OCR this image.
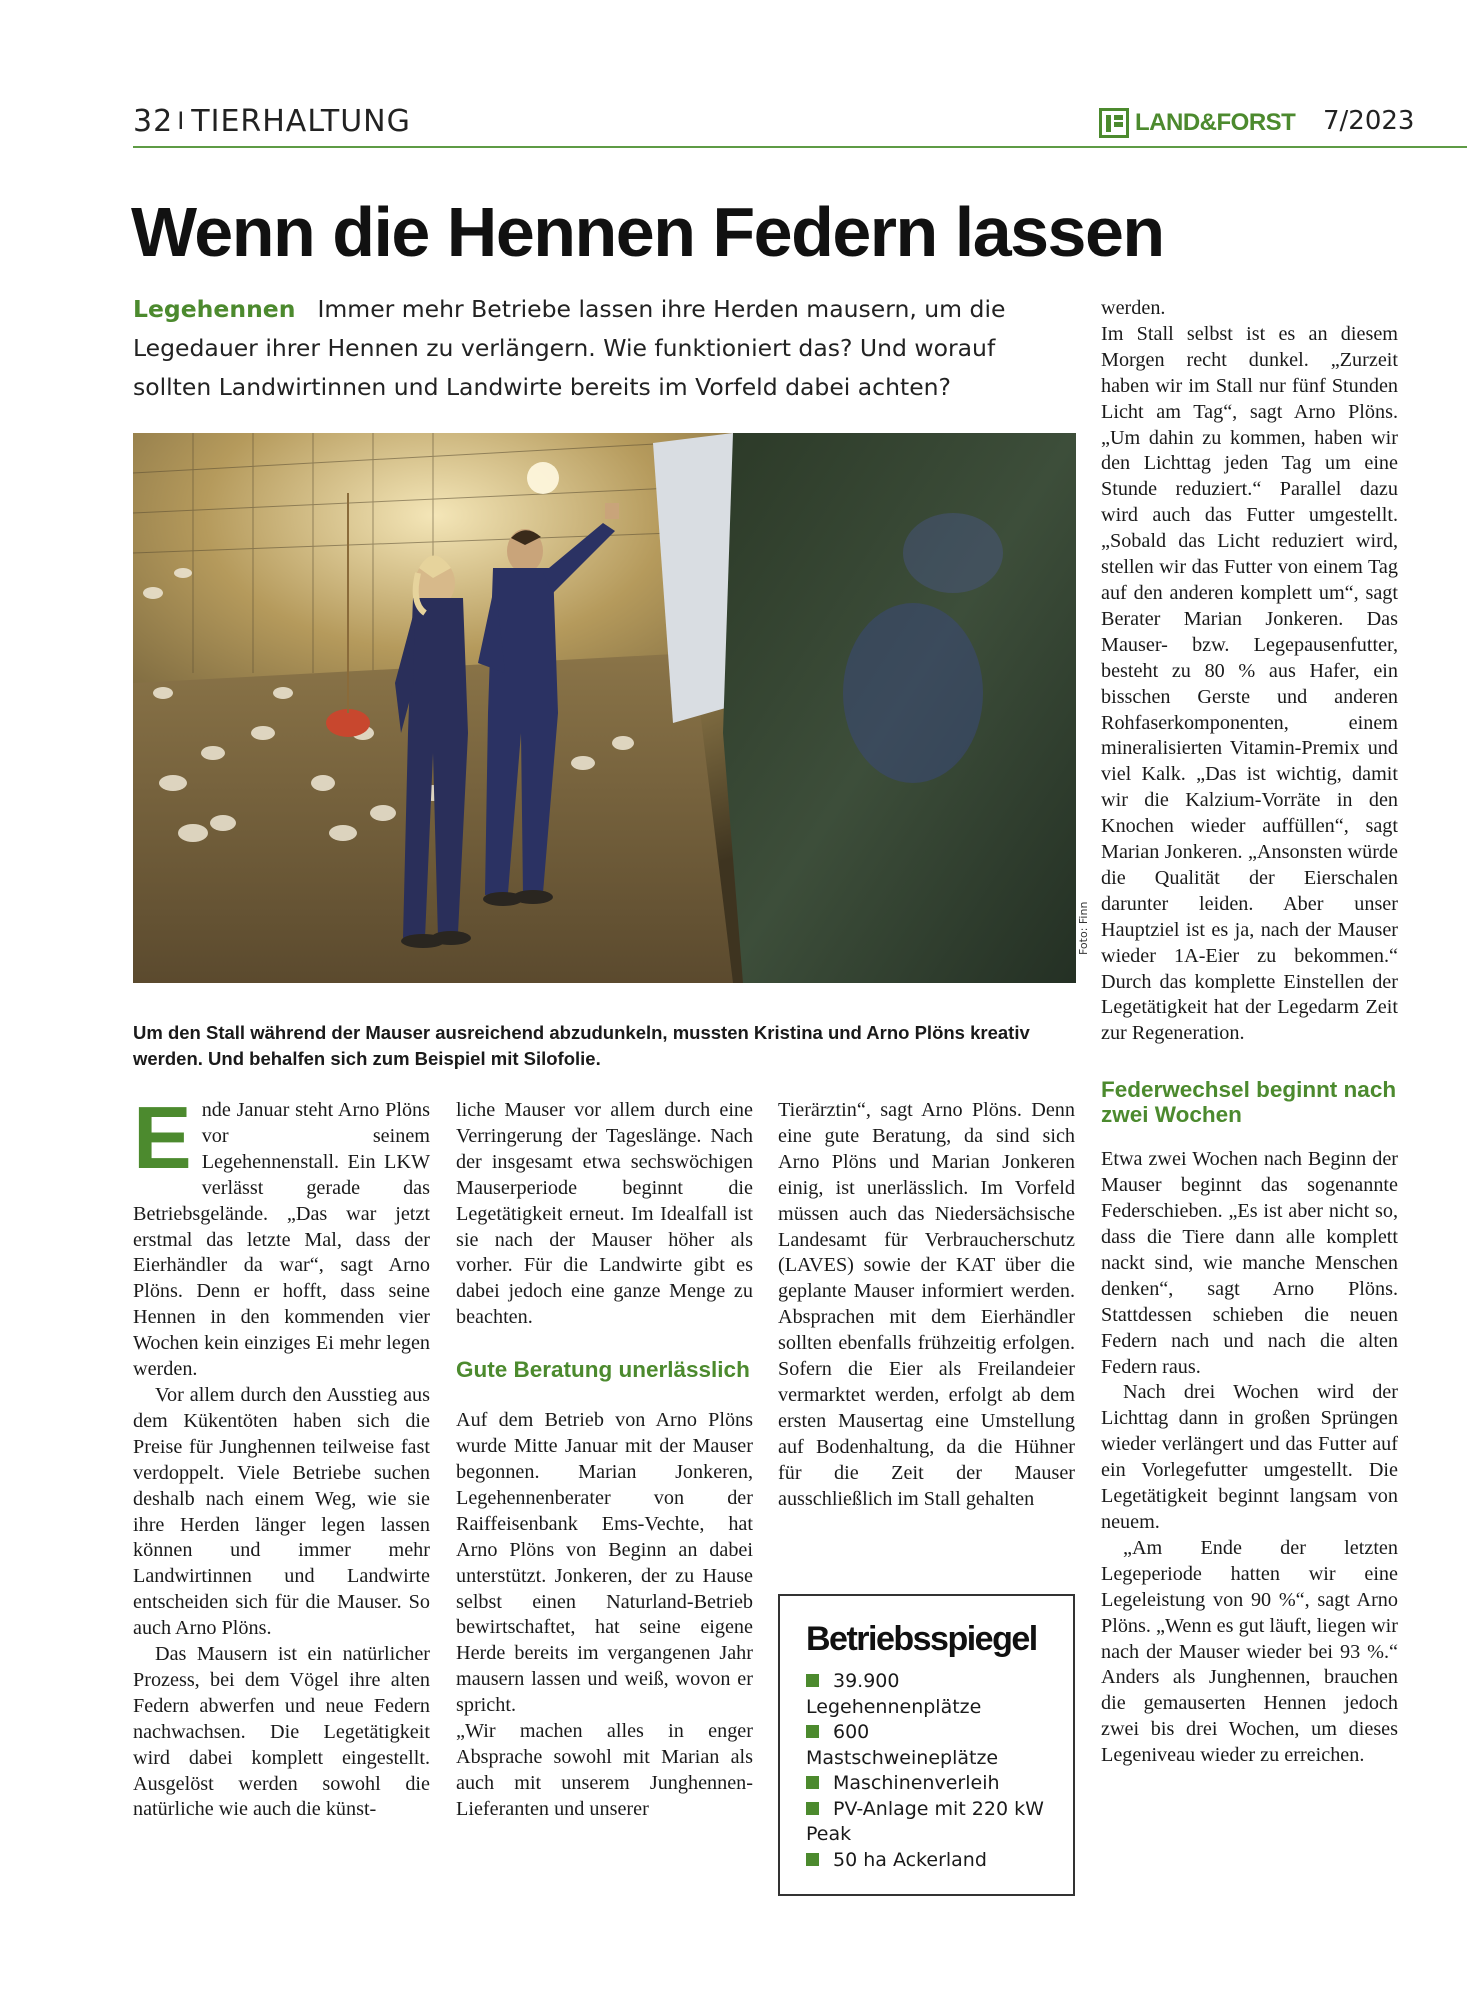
32 I TIERHALTUNG	LAND&FORST 7/2023
Wenn die Hennen Federn lassen
Legehennen Immer mehr Betriebe lassen ihre Herden mausern, um die Legedauer ihrer Hennen zu verlängern. Wie funktioniert das? Und worauf sollten Landwirtinnen und Landwirte bereits im Vorfeld dabei achten?
Foto: Finn
Um den Stall während der Mauser ausreichend abzudunkeln, mussten Kristina und Arno Plöns kreativ werden. Und behalfen sich zum Beispiel mit Silofolie.

Ende Januar steht Arno Plöns vor seinem Legehennenstall. Ein LKW verlässt gerade das Betriebsgelände. „Das war jetzt erstmal das letzte Mal, dass der Eierhändler da war“, sagt Arno Plöns. Denn er hofft, dass seine Hennen in den kommenden vier Wochen kein einziges Ei mehr legen werden.

Vor allem durch den Ausstieg aus dem Kükentöten haben sich die Preise für Junghennen teilweise fast verdoppelt. Viele Betriebe suchen deshalb nach einem Weg, wie sie ihre Herden länger legen lassen können und immer mehr Landwirtinnen und Landwirte entscheiden sich für die Mauser. So auch Arno Plöns.

Das Mausern ist ein natürlicher Prozess, bei dem Vögel ihre alten Federn abwerfen und neue Federn nachwachsen. Die Legetätigkeit wird dabei komplett eingestellt. Ausgelöst werden sowohl die natürliche wie auch die künst-

liche Mauser vor allem durch eine Verringerung der Tageslänge. Nach der insgesamt etwa sechswöchigen Mauserperiode beginnt die Legetätigkeit erneut. Im Idealfall ist sie nach der Mauser höher als vorher. Für die Landwirte gibt es dabei jedoch eine ganze Menge zu beachten.

Gute Beratung unerlässlich

Auf dem Betrieb von Arno Plöns wurde Mitte Januar mit der Mauser begonnen. Marian Jonkeren, Legehennenberater von der Raiffeisenbank Ems-Vechte, hat Arno Plöns von Beginn an dabei unterstützt. Jonkeren, der zu Hause selbst einen Naturland-Betrieb bewirtschaftet, hat seine eigene Herde bereits im vergangenen Jahr mausern lassen und weiß, wovon er spricht.

„Wir machen alles in enger Absprache sowohl mit Marian als auch mit unserem Junghennen-Lieferanten und unserer

Tierärztin“, sagt Arno Plöns. Denn eine gute Beratung, da sind sich Arno Plöns und Marian Jonkeren einig, ist unerlässlich. Im Vorfeld müssen auch das Niedersächsische Landesamt für Verbraucherschutz (LAVES) sowie der KAT über die geplante Mauser informiert werden. Absprachen mit dem Eierhändler sollten ebenfalls frühzeitig erfolgen. Sofern die Eier als Freilandeier vermarktet werden, erfolgt ab dem ersten Mausertag eine Umstellung auf Bodenhaltung, da die Hühner für die Zeit der Mauser ausschließlich im Stall gehalten

Betriebsspiegel
39.900 Legehennenplätze
600 Mastschweineplätze
Maschinenverleih
PV-Anlage mit 220 kW Peak
50 ha Ackerland

werden.

Im Stall selbst ist es an diesem Morgen recht dunkel. „Zurzeit haben wir im Stall nur fünf Stunden Licht am Tag“, sagt Arno Plöns. „Um dahin zu kommen, haben wir den Lichttag jeden Tag um eine Stunde reduziert.“ Parallel dazu wird auch das Futter umgestellt. „Sobald das Licht reduziert wird, stellen wir das Futter von einem Tag auf den anderen komplett um“, sagt Berater Marian Jonkeren. Das Mauser- bzw. Legepausenfutter, besteht zu 80 % aus Hafer, ein bisschen Gerste und anderen Rohfaserkomponenten, einem mineralisierten Vitamin-Premix und viel Kalk. „Das ist wichtig, damit wir die Kalzium-Vorräte in den Knochen wieder auffüllen“, sagt Marian Jonkeren. „Ansonsten würde die Qualität der Eierschalen darunter leiden. Aber unser Hauptziel ist es ja, nach der Mauser wieder 1A-Eier zu bekommen.“ Durch das komplette Einstellen der Legetätigkeit hat der Legedarm Zeit zur Regeneration.

Federwechsel beginnt nach zwei Wochen

Etwa zwei Wochen nach Beginn der Mauser beginnt das sogenannte Federschieben. „Es ist aber nicht so, dass die Tiere dann alle komplett nackt sind, wie manche Menschen denken“, sagt Arno Plöns. Stattdessen schieben die neuen Federn nach und nach die alten Federn raus.

Nach drei Wochen wird der Lichttag dann in großen Sprüngen wieder verlängert und das Futter auf ein Vorlegefutter umgestellt. Die Legetätigkeit beginnt langsam von neuem.

„Am Ende der letzten Legeperiode hatten wir eine Legeleistung von 90 %“, sagt Arno Plöns. „Wenn es gut läuft, liegen wir nach der Mauser wieder bei 93 %.“ Anders als Junghennen, brauchen die gemauserten Hennen jedoch zwei bis drei Wochen, um dieses Legeniveau wieder zu erreichen.
